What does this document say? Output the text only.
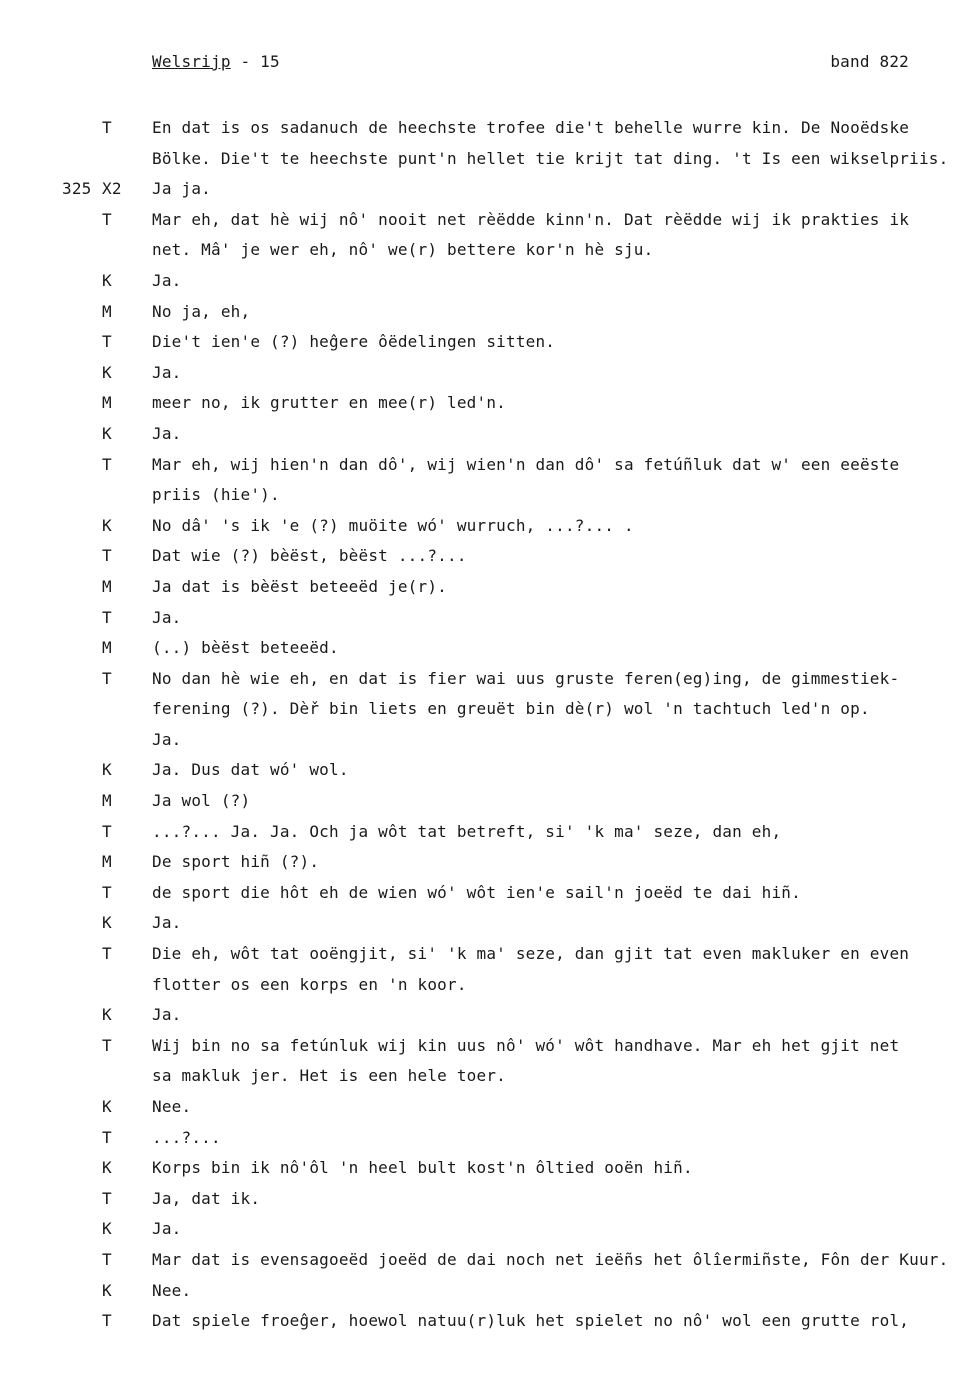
Welsrijp - 15	band 822
T	En dat is os sadanuch de heechste trofee die't behelle wurre kin. De Nooëdske
Bölke. Die't te heechste punt'n hellet tie krijt tat ding. 't Is een wikselpriis.
325 X2	Ja ja.
T	Mar eh, dat hè wij nô' nooit net rèëdde kinn'n. Dat rèëdde wij ik prakties ik
net. Mâ' je wer eh, nô' we(r) bettere kor'n hè sju.
K	Ja.
M	No ja, eh,
T	Die't ien'e (?) heĝere ôëdelingen sitten.
K	Ja.
M	meer no, ik grutter en mee(r) led'n.
K	Ja.
T	Mar eh, wij hien'n dan dô', wij wien'n dan dô' sa fetúñluk dat w' een eeëste
priis (hie').
K	No dâ' 's ik 'e (?) muöite wó' wurruch, ...?... .
T	Dat wie (?) bèëst, bèëst ...?...
M	Ja dat is bèëst beteeëd je(r).
T	Ja.
M	(..) bèëst beteeëd.
T	No dan hè wie eh, en dat is fier wai uus gruste feren(eg)ing, de gimmestiek-
ferening (?). Dèř bin liets en greuët bin dè(r) wol 'n tachtuch led'n op.
Ja.
K	Ja. Dus dat wó' wol.
M	Ja wol (?)
T	...?... Ja. Ja. Och ja wôt tat betreft, si' 'k ma' seze, dan eh,
M	De sport hiñ (?).
T	de sport die hôt eh de wien wó' wôt ien'e sail'n joeëd te dai hiñ.
K	Ja.
T	Die eh, wôt tat ooëngjit, si' 'k ma' seze, dan gjit tat even makluker en even
flotter os een korps en 'n koor.
K	Ja.
T	Wij bin no sa fetúnluk wij kin uus nô' wó' wôt handhave. Mar eh het gjit net
sa makluk jer. Het is een hele toer.
K	Nee.
T	...?...
K	Korps bin ik nô'ôl 'n heel bult kost'n ôltied ooën hiñ.
T	Ja, dat ik.
K	Ja.
T	Mar dat is evensagoeëd joeëd de dai noch net ieëñs het ôlîermiñste, Fôn der Kuur.
K	Nee.
T	Dat spiele froeĝer, hoewol natuu(r)luk het spielet no nô' wol een grutte rol,
